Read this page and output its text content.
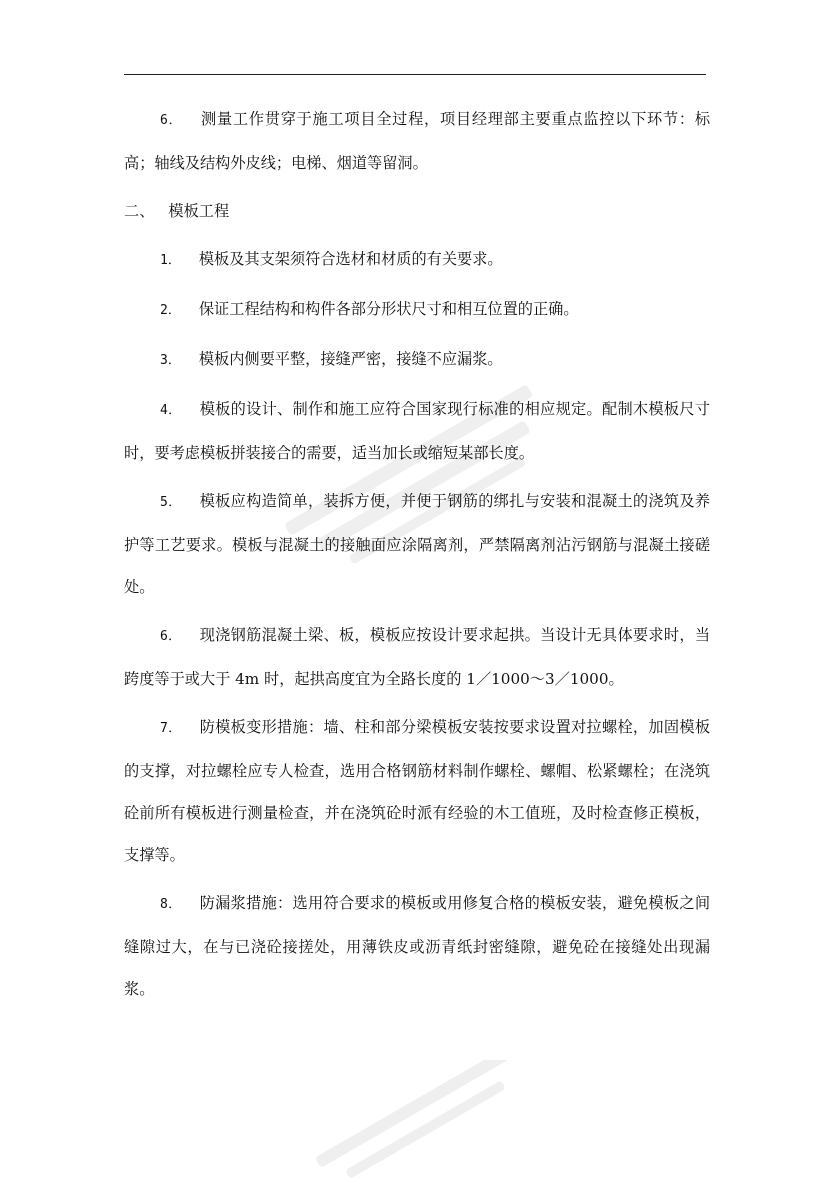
6． 测量工作贯穿于施工项目全过程，项目经理部主要重点监控以下环节：标高；轴线及结构外皮线；电梯、烟道等留洞。

二、 模板工程

1． 模板及其支架须符合选材和材质的有关要求。

2． 保证工程结构和构件各部分形状尺寸和相互位置的正确。

3． 模板内侧要平整，接缝严密，接缝不应漏浆。

4． 模板的设计、制作和施工应符合国家现行标准的相应规定。配制木模板尺寸时，要考虑模板拼装接合的需要，适当加长或缩短某部长度。

5． 模板应构造简单，装拆方便，并便于钢筋的绑扎与安装和混凝土的浇筑及养护等工艺要求。模板与混凝土的接触面应涂隔离剂，严禁隔离剂沾污钢筋与混凝土接磋处。

6． 现浇钢筋混凝土梁、板，模板应按设计要求起拱。当设计无具体要求时，当跨度等于或大于 4m 时，起拱高度宜为全路长度的 1／1000～3／1000。

7． 防模板变形措施：墙、柱和部分梁模板安装按要求设置对拉螺栓，加固模板的支撑，对拉螺栓应专人检查，选用合格钢筋材料制作螺栓、螺帽、松紧螺栓；在浇筑砼前所有模板进行测量检查，并在浇筑砼时派有经验的木工值班，及时检查修正模板，支撑等。

8． 防漏浆措施：选用符合要求的模板或用修复合格的模板安装，避免模板之间缝隙过大，在与已浇砼接搓处，用薄铁皮或沥青纸封密缝隙，避免砼在接缝处出现漏浆。
